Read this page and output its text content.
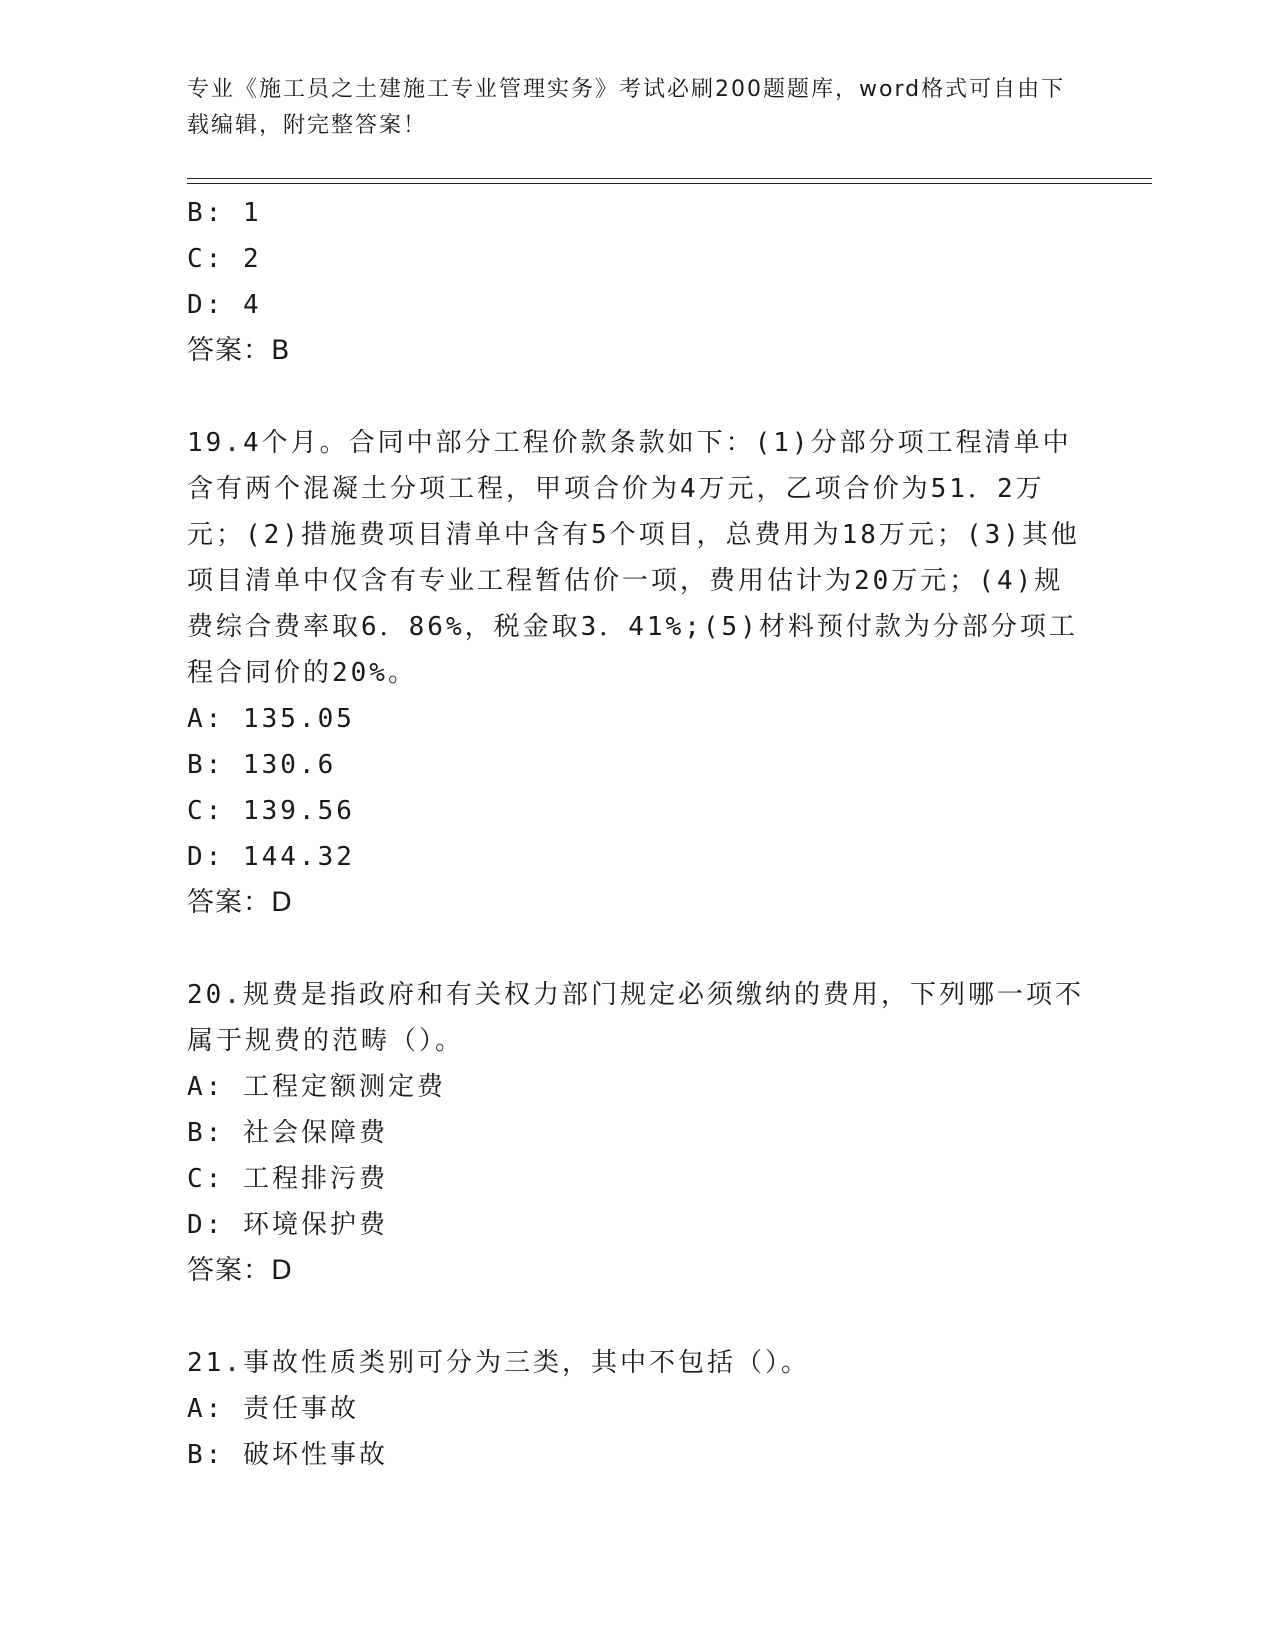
专业《施工员之土建施工专业管理实务》考试必刷200题题库，word格式可自由下载编辑，附完整答案！
B: 1
C: 2
D: 4
答案：B
19.4个月。合同中部分工程价款条款如下：(1)分部分项工程清单中含有两个混凝土分项工程，甲项合价为4万元，乙项合价为51．2万元；(2)措施费项目清单中含有5个项目，总费用为18万元；(3)其他项目清单中仅含有专业工程暂估价一项，费用估计为20万元；(4)规费综合费率取6．86%，税金取3．41%;(5)材料预付款为分部分项工程合同价的20%。
A: 135.05
B: 130.6
C: 139.56
D: 144.32
答案：D
20.规费是指政府和有关权力部门规定必须缴纳的费用，下列哪一项不属于规费的范畴（）。
A: 工程定额测定费
B: 社会保障费
C: 工程排污费
D: 环境保护费
答案：D
21.事故性质类别可分为三类，其中不包括（）。
A: 责任事故
B: 破坏性事故
